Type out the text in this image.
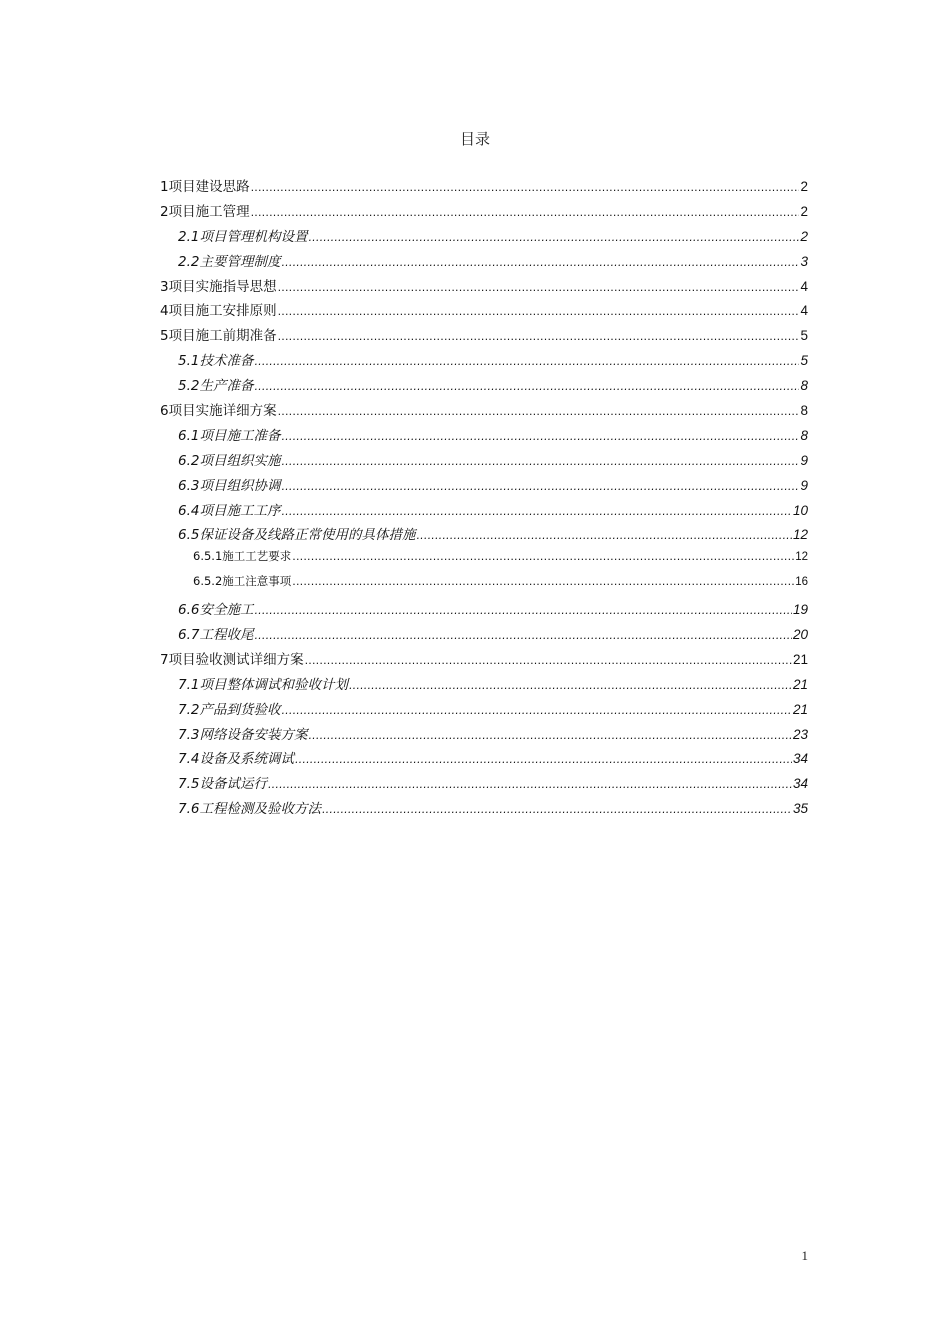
目录
1项目建设思路 .....	2
2项目施工管理 .....	2
2.1项目管理机构设置 .....	2
2.2主要管理制度 .....	3
3项目实施指导思想 .....	4
4项目施工安排原则 .....	4
5项目施工前期准备 .....	5
5.1技术准备 .....	5
5.2生产准备 .....	8
6项目实施详细方案 .....	8
6.1项目施工准备 .....	8
6.2项目组织实施 .....	9
6.3项目组织协调 .....	9
6.4项目施工工序 .....	10
6.5保证设备及线路正常使用的具体措施 .....	12
6.5.1施工工艺要求 .....	12
6.5.2施工注意事项 .....	16
6.6安全施工 .....	19
6.7工程收尾 .....	20
7项目验收测试详细方案 .....	21
7.1项目整体调试和验收计划 .....	21
7.2产品到货验收 .....	21
7.3网络设备安装方案 .....	23
7.4设备及系统调试 .....	34
7.5设备试运行 .....	34
7.6工程检测及验收方法 .....	35
1
